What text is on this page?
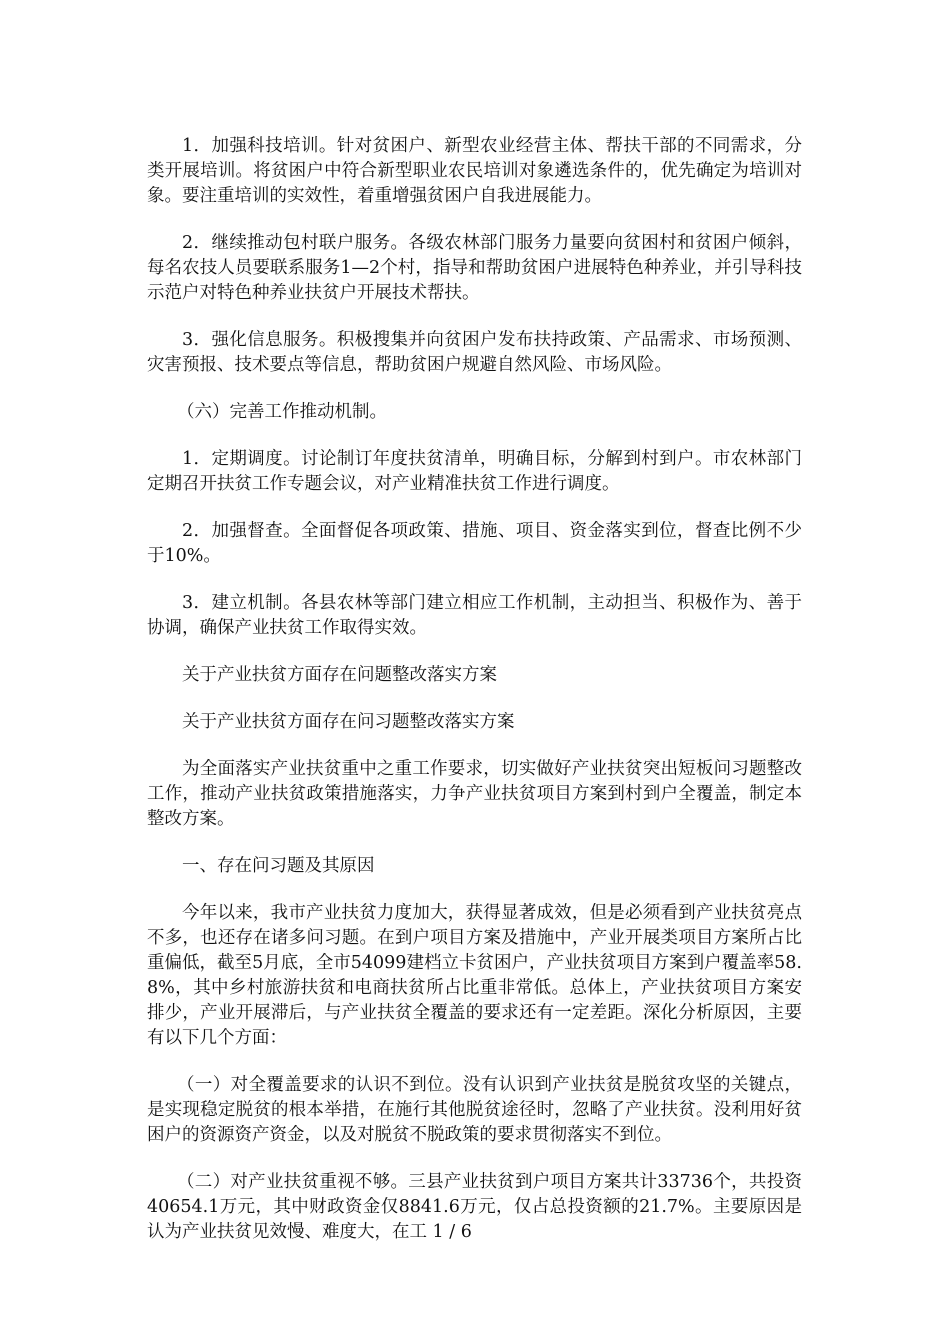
1．加强科技培训。针对贫困户、新型农业经营主体、帮扶干部的不同需求，分类开展培训。将贫困户中符合新型职业农民培训对象遴选条件的，优先确定为培训对象。要注重培训的实效性，着重增强贫困户自我进展能力。

2．继续推动包村联户服务。各级农林部门服务力量要向贫困村和贫困户倾斜，每名农技人员要联系服务1—2个村，指导和帮助贫困户进展特色种养业，并引导科技示范户对特色种养业扶贫户开展技术帮扶。

3．强化信息服务。积极搜集并向贫困户发布扶持政策、产品需求、市场预测、灾害预报、技术要点等信息，帮助贫困户规避自然风险、市场风险。

（六）完善工作推动机制。

1．定期调度。讨论制订年度扶贫清单，明确目标，分解到村到户。市农林部门定期召开扶贫工作专题会议，对产业精准扶贫工作进行调度。

2．加强督查。全面督促各项政策、措施、项目、资金落实到位，督查比例不少于10%。

3．建立机制。各县农林等部门建立相应工作机制，主动担当、积极作为、善于协调，确保产业扶贫工作取得实效。

关于产业扶贫方面存在问题整改落实方案

关于产业扶贫方面存在问习题整改落实方案

为全面落实产业扶贫重中之重工作要求，切实做好产业扶贫突出短板问习题整改工作，推动产业扶贫政策措施落实，力争产业扶贫项目方案到村到户全覆盖，制定本整改方案。

一、存在问习题及其原因

今年以来，我市产业扶贫力度加大，获得显著成效，但是必须看到产业扶贫亮点不多，也还存在诸多问习题。在到户项目方案及措施中，产业开展类项目方案所占比重偏低，截至5月底，全市54099建档立卡贫困户，产业扶贫项目方案到户覆盖率58.8%，其中乡村旅游扶贫和电商扶贫所占比重非常低。总体上，产业扶贫项目方案安排少，产业开展滞后，与产业扶贫全覆盖的要求还有一定差距。深化分析原因，主要有以下几个方面：

（一）对全覆盖要求的认识不到位。没有认识到产业扶贫是脱贫攻坚的关键点，是实现稳定脱贫的根本举措，在施行其他脱贫途径时，忽略了产业扶贫。没利用好贫困户的资源资产资金，以及对脱贫不脱政策的要求贯彻落实不到位。

（二）对产业扶贫重视不够。三县产业扶贫到户项目方案共计33736个，共投资40654.1万元，其中财政资金仅8841.6万元，仅占总投资额的21.7%。主要原因是认为产业扶贫见效慢、难度大，在工 1 / 6
